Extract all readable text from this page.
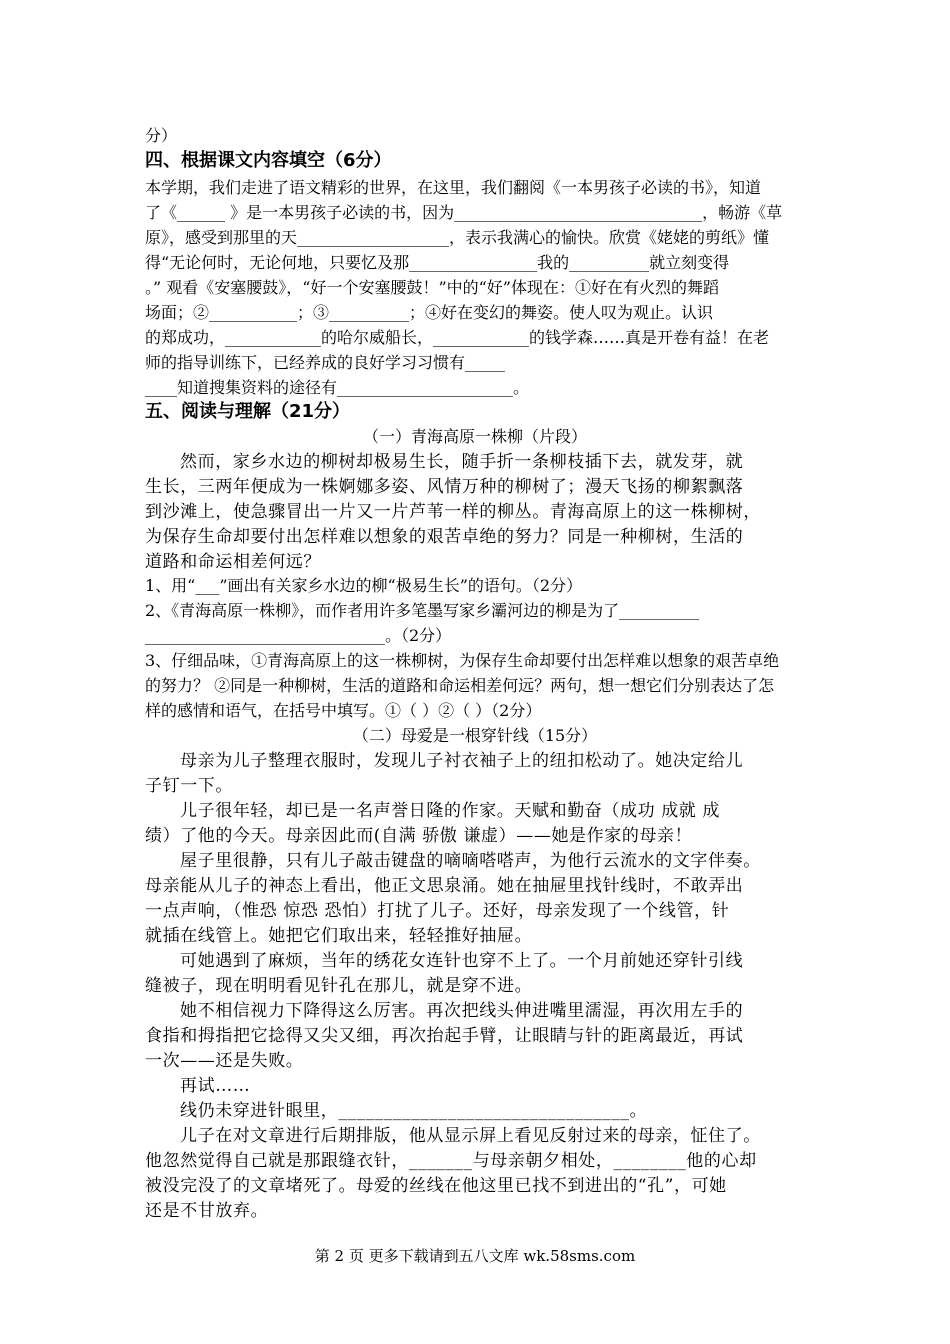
分）
四、根据课文内容填空（6分）
本学期，我们走进了语文精彩的世界，在这里，我们翻阅《一本男孩子必读的书》，知道
了《______ 》是一本男孩子必读的书，因为_______________________________，畅游《草
原》，感受到那里的天___________________，表示我满心的愉快。欣赏《姥姥的剪纸》懂
得“无论何时，无论何地，只要忆及那________________我的__________就立刻变得
。” 观看《安塞腰鼓》，“好一个安塞腰鼓！”中的“好”体现在：①好在有火烈的舞蹈
场面；②___________；③__________；④好在变幻的舞姿。使人叹为观止。认识
的郑成功，____________的哈尔威船长，____________的钱学森……真是开卷有益！在老
师的指导训练下，已经养成的良好学习习惯有_____
____知道搜集资料的途径有______________________。
五、阅读与理解（21分）
（一）青海高原一株柳（片段）
然而，家乡水边的柳树却极易生长，随手折一条柳枝插下去，就发芽，就
生长，三两年便成为一株婀娜多姿、风情万种的柳树了；漫天飞扬的柳絮飘落
到沙滩上，使急骤冒出一片又一片芦苇一样的柳丛。青海高原上的这一株柳树，
为保存生命却要付出怎样难以想象的艰苦卓绝的努力？同是一种柳树，生活的
道路和命运相差何远？
1、用“___”画出有关家乡水边的柳“极易生长”的语句。（2分）
2、《青海高原一株柳》，而作者用许多笔墨写家乡灞河边的柳是为了__________
______________________________。（2分）
3、仔细品味，①青海高原上的这一株柳树，为保存生命却要付出怎样难以想象的艰苦卓绝
的努力？ ②同是一种柳树，生活的道路和命运相差何远？两句，想一想它们分别表达了怎
样的感情和语气，在括号中填写。①（ ）②（ ）（2分）
（二）母爱是一根穿针线（15分）
母亲为儿子整理衣服时，发现儿子衬衣袖子上的纽扣松动了。她决定给儿
子钉一下。
儿子很年轻，却已是一名声誉日隆的作家。天赋和勤奋（成功 成就 成
绩）了他的今天。母亲因此而(自满 骄傲 谦虚）——她是作家的母亲！
屋子里很静，只有儿子敲击键盘的嘀嘀嗒嗒声，为他行云流水的文字伴奏。
母亲能从儿子的神态上看出，他正文思泉涌。她在抽屉里找针线时，不敢弄出
一点声响，（惟恐 惊恐 恐怕）打扰了儿子。还好，母亲发现了一个线管，针
就插在线管上。她把它们取出来，轻轻推好抽屉。
可她遇到了麻烦，当年的绣花女连针也穿不上了。一个月前她还穿针引线
缝被子，现在明明看见针孔在那儿，就是穿不进。
她不相信视力下降得这么厉害。再次把线头伸进嘴里濡湿，再次用左手的
食指和拇指把它捻得又尖又细，再次抬起手臂，让眼睛与针的距离最近，再试
一次——还是失败。
再试……
线仍未穿进针眼里，________________________________。
儿子在对文章进行后期排版，他从显示屏上看见反射过来的母亲，怔住了。
他忽然觉得自己就是那跟缝衣针，_______与母亲朝夕相处，________他的心却
被没完没了的文章堵死了。母爱的丝线在他这里已找不到进出的“孔”，可她
还是不甘放弃。
第 2 页 更多下载请到五八文库 wk.58sms.com
